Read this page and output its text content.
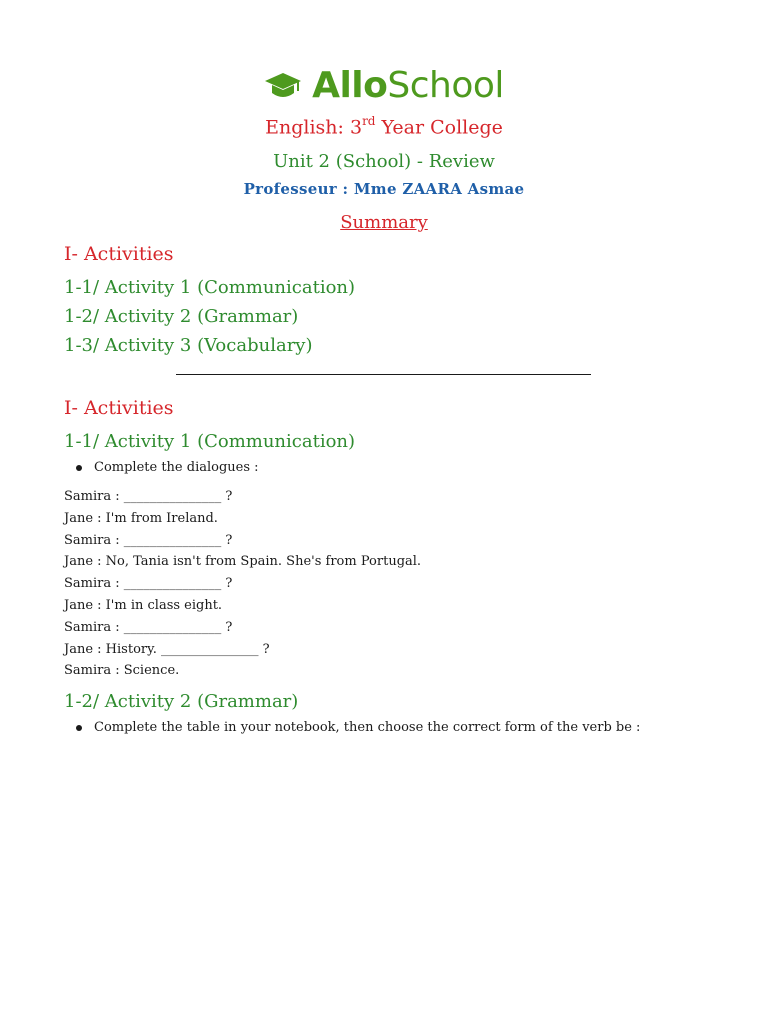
AlloSchool
English: 3rd Year College
Unit 2 (School) - Review
Professeur : Mme ZAARA Asmae
Summary
I- Activities
1-1/ Activity 1 (Communication)
1-2/ Activity 2 (Grammar)
1-3/ Activity 3 (Vocabulary)
I- Activities
1-1/ Activity 1 (Communication)
Complete the dialogues :
Samira : _______________ ?
Jane : I'm from Ireland.
Samira : _______________ ?
Jane : No, Tania isn't from Spain. She's from Portugal.
Samira : _______________ ?
Jane : I'm in class eight.
Samira : _______________ ?
Jane : History. _______________ ?
Samira : Science.
1-2/ Activity 2 (Grammar)
Complete the table in your notebook, then choose the correct form of the verb be :
